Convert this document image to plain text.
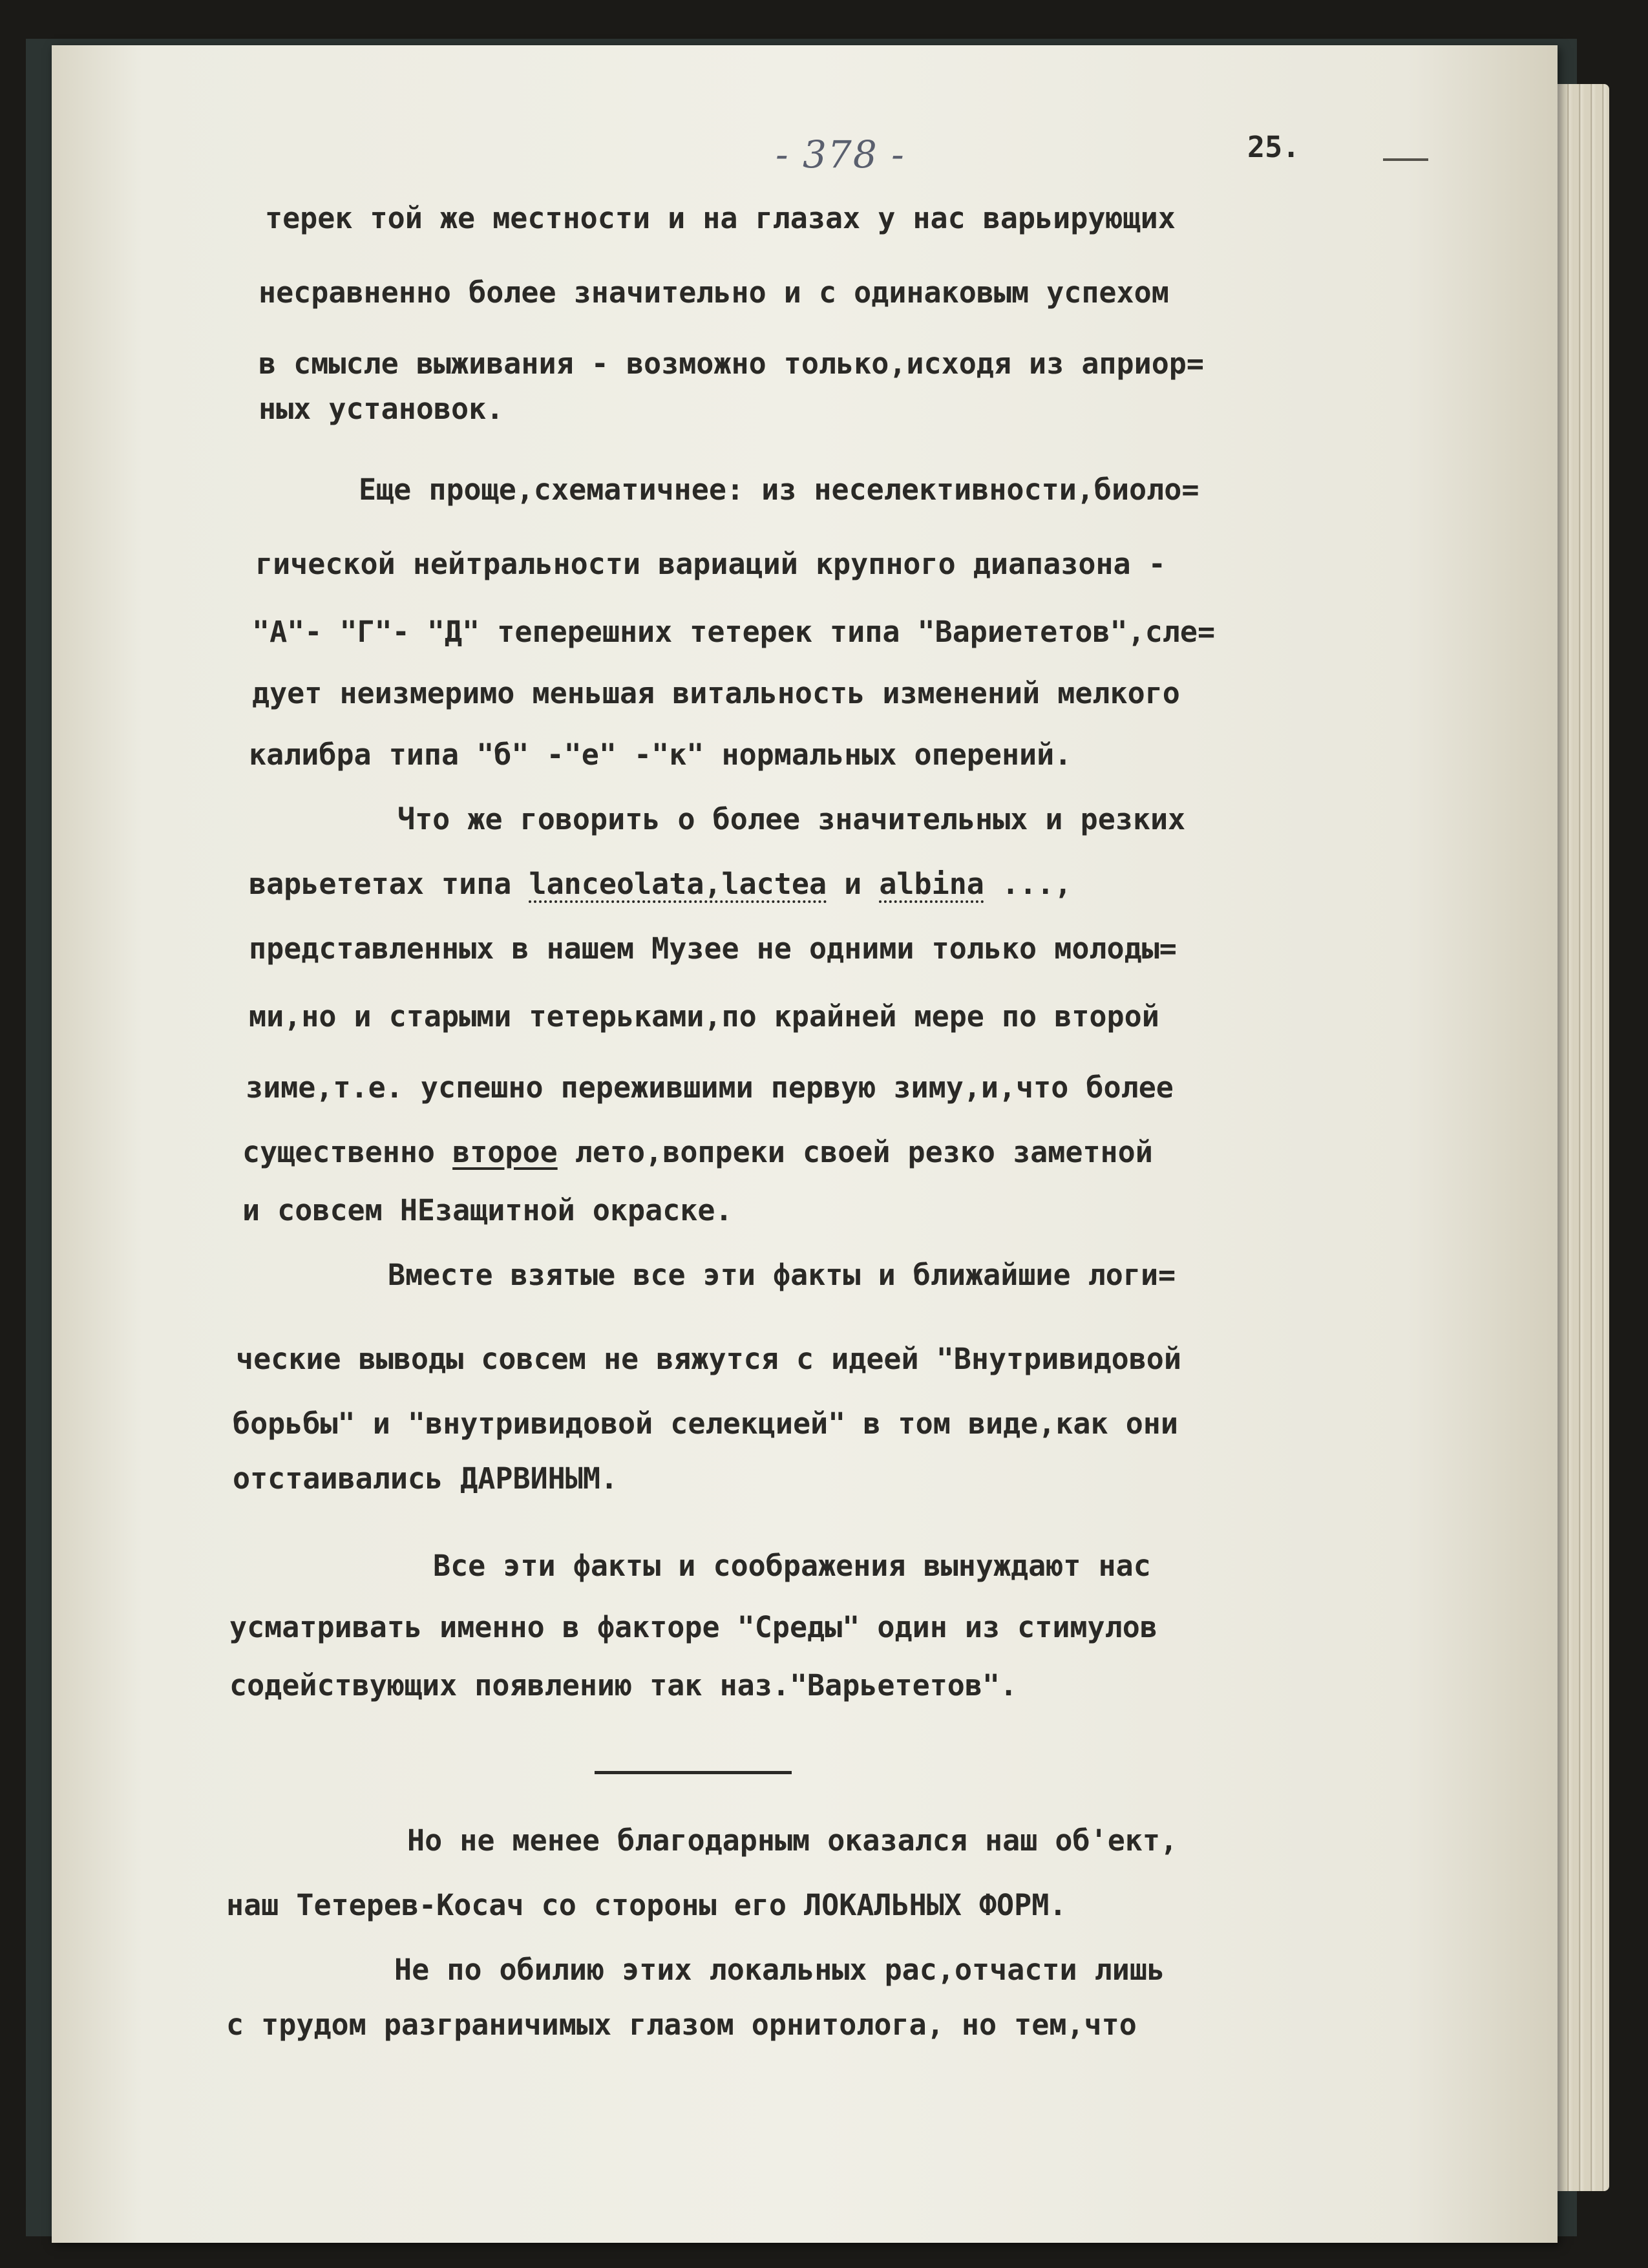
- 378 -	25.
терек той же местности и на глазах у нас варьирующих
несравненно более значительно и с одинаковым успехом
в смысле выживания - возможно только,исходя из априор=
ных установок.
Еще проще,схематичнее: из неселективности,биоло=
гической нейтральности вариаций крупного диапазона -
"А"- "Г"- "Д" теперешних тетерек типа "Вариететов",сле=
дует неизмеримо меньшая витальность изменений мелкого
калибра типа "б" -"е" -"к" нормальных оперений.
Что же говорить о более значительных и резких
варьететах типа lanceolata,lactea и albina ...,
представленных в нашем Музее не одними только молоды=
ми,но и старыми тетерьками,по крайней мере по второй
зиме,т.е. успешно пережившими первую зиму,и,что более
существенно второе лето,вопреки своей резко заметной
и совсем НЕзащитной окраске.
Вместе взятые все эти факты и ближайшие логи=
ческие выводы совсем не вяжутся с идеей "Внутривидовой
борьбы" и "внутривидовой селекцией" в том виде,как они
отстаивались ДАРВИНЫМ.
Все эти факты и соображения вынуждают нас
усматривать именно в факторе "Среды" один из стимулов
содействующих появлению так наз."Варьететов".
Но не менее благодарным оказался наш об'ект,
наш Тетерев-Косач со стороны его ЛОКАЛЬНЫХ ФОРМ.
Не по обилию этих локальных рас,отчасти лишь
с трудом разграничимых глазом орнитолога, но тем,что
